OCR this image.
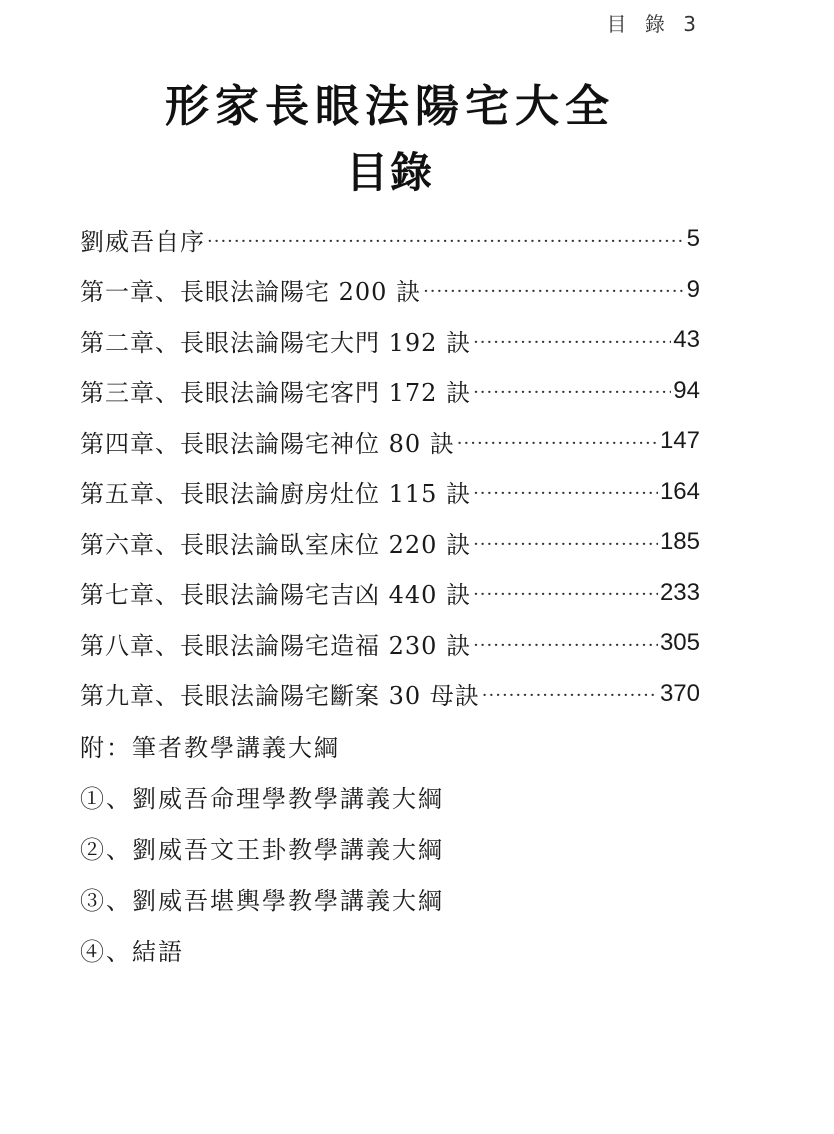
目 錄 3
形家長眼法陽宅大全
目錄
劉威吾自序 ·····	5
第一章、長眼法論陽宅 200 訣 ·····	9
第二章、長眼法論陽宅大門 192 訣 ·····	43
第三章、長眼法論陽宅客門 172 訣 ·····	94
第四章、長眼法論陽宅神位 80 訣 ·····	147
第五章、長眼法論廚房灶位 115 訣 ·····	164
第六章、長眼法論臥室床位 220 訣 ·····	185
第七章、長眼法論陽宅吉凶 440 訣 ·····	233
第八章、長眼法論陽宅造福 230 訣 ·····	305
第九章、長眼法論陽宅斷案 30 母訣 ·····	370
附：筆者教學講義大綱
①、劉威吾命理學教學講義大綱
②、劉威吾文王卦教學講義大綱
③、劉威吾堪輿學教學講義大綱
④、結語
